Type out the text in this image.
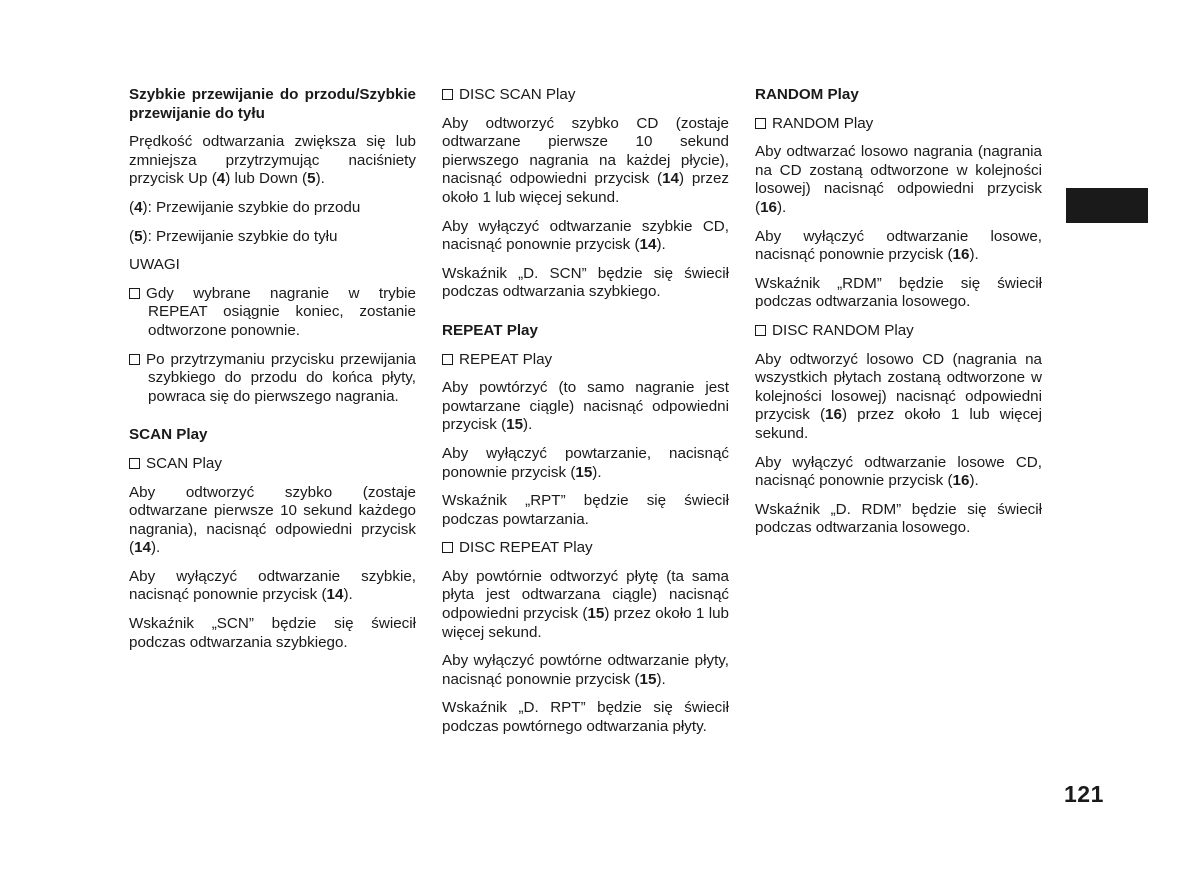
Szybkie przewijanie do przodu/Szybkie przewijanie do tyłu
Prędkość odtwarzania zwiększa się lub zmniejsza przytrzymując naciśniety przycisk Up (4) lub Down (5).
(4): Przewijanie szybkie do przodu
(5): Przewijanie szybkie do tyłu
UWAGI
Gdy wybrane nagranie w trybie REPEAT osiągnie koniec, zostanie odtworzone ponownie.
Po przytrzymaniu przycisku przewijania szybkiego do przodu do końca płyty, powraca się do pierwszego nagrania.
SCAN Play
SCAN Play
Aby odtworzyć szybko (zostaje odtwarzane pierwsze 10 sekund każdego nagrania), nacisnąć odpowiedni przycisk (14).
Aby wyłączyć odtwarzanie szybkie, nacisnąć ponownie przycisk (14).
Wskaźnik „SCN” będzie się świecił podczas odtwarzania szybkiego.
DISC SCAN Play
Aby odtworzyć szybko CD (zostaje odtwarzane pierwsze 10 sekund pierwszego nagrania na każdej płycie), nacisnąć odpowiedni przycisk (14) przez około 1 lub więcej sekund.
Aby wyłączyć odtwarzanie szybkie CD, nacisnąć ponownie przycisk (14).
Wskaźnik „D. SCN” będzie się świecił podczas odtwarzania szybkiego.
REPEAT Play
REPEAT Play
Aby powtórzyć (to samo nagranie jest powtarzane ciągle) nacisnąć odpowiedni przycisk (15).
Aby wyłączyć powtarzanie, nacisnąć ponownie przycisk (15).
Wskaźnik „RPT” będzie się świecił podczas powtarzania.
DISC REPEAT Play
Aby powtórnie odtworzyć płytę (ta sama płyta jest odtwarzana ciągle) nacisnąć odpowiedni przycisk (15) przez około 1 lub więcej sekund.
Aby wyłączyć powtórne odtwarzanie płyty, nacisnąć ponownie przycisk (15).
Wskaźnik „D. RPT” będzie się świecił podczas powtórnego odtwarzania płyty.
RANDOM Play
RANDOM Play
Aby odtwarzać losowo nagrania (nagrania na CD zostaną odtworzone w kolejności losowej) nacisnąć odpowiedni przycisk (16).
Aby wyłączyć odtwarzanie losowe, nacisnąć ponownie przycisk (16).
Wskaźnik „RDM” będzie się świecił podczas odtwarzania losowego.
DISC RANDOM Play
Aby odtworzyć losowo CD (nagrania na wszystkich płytach zostaną odtworzone w kolejności losowej) nacisnąć odpowiedni przycisk (16) przez około 1 lub więcej sekund.
Aby wyłączyć odtwarzanie losowe CD, nacisnąć ponownie przycisk (16).
Wskaźnik „D. RDM” będzie się świecił podczas odtwarzania losowego.
121
